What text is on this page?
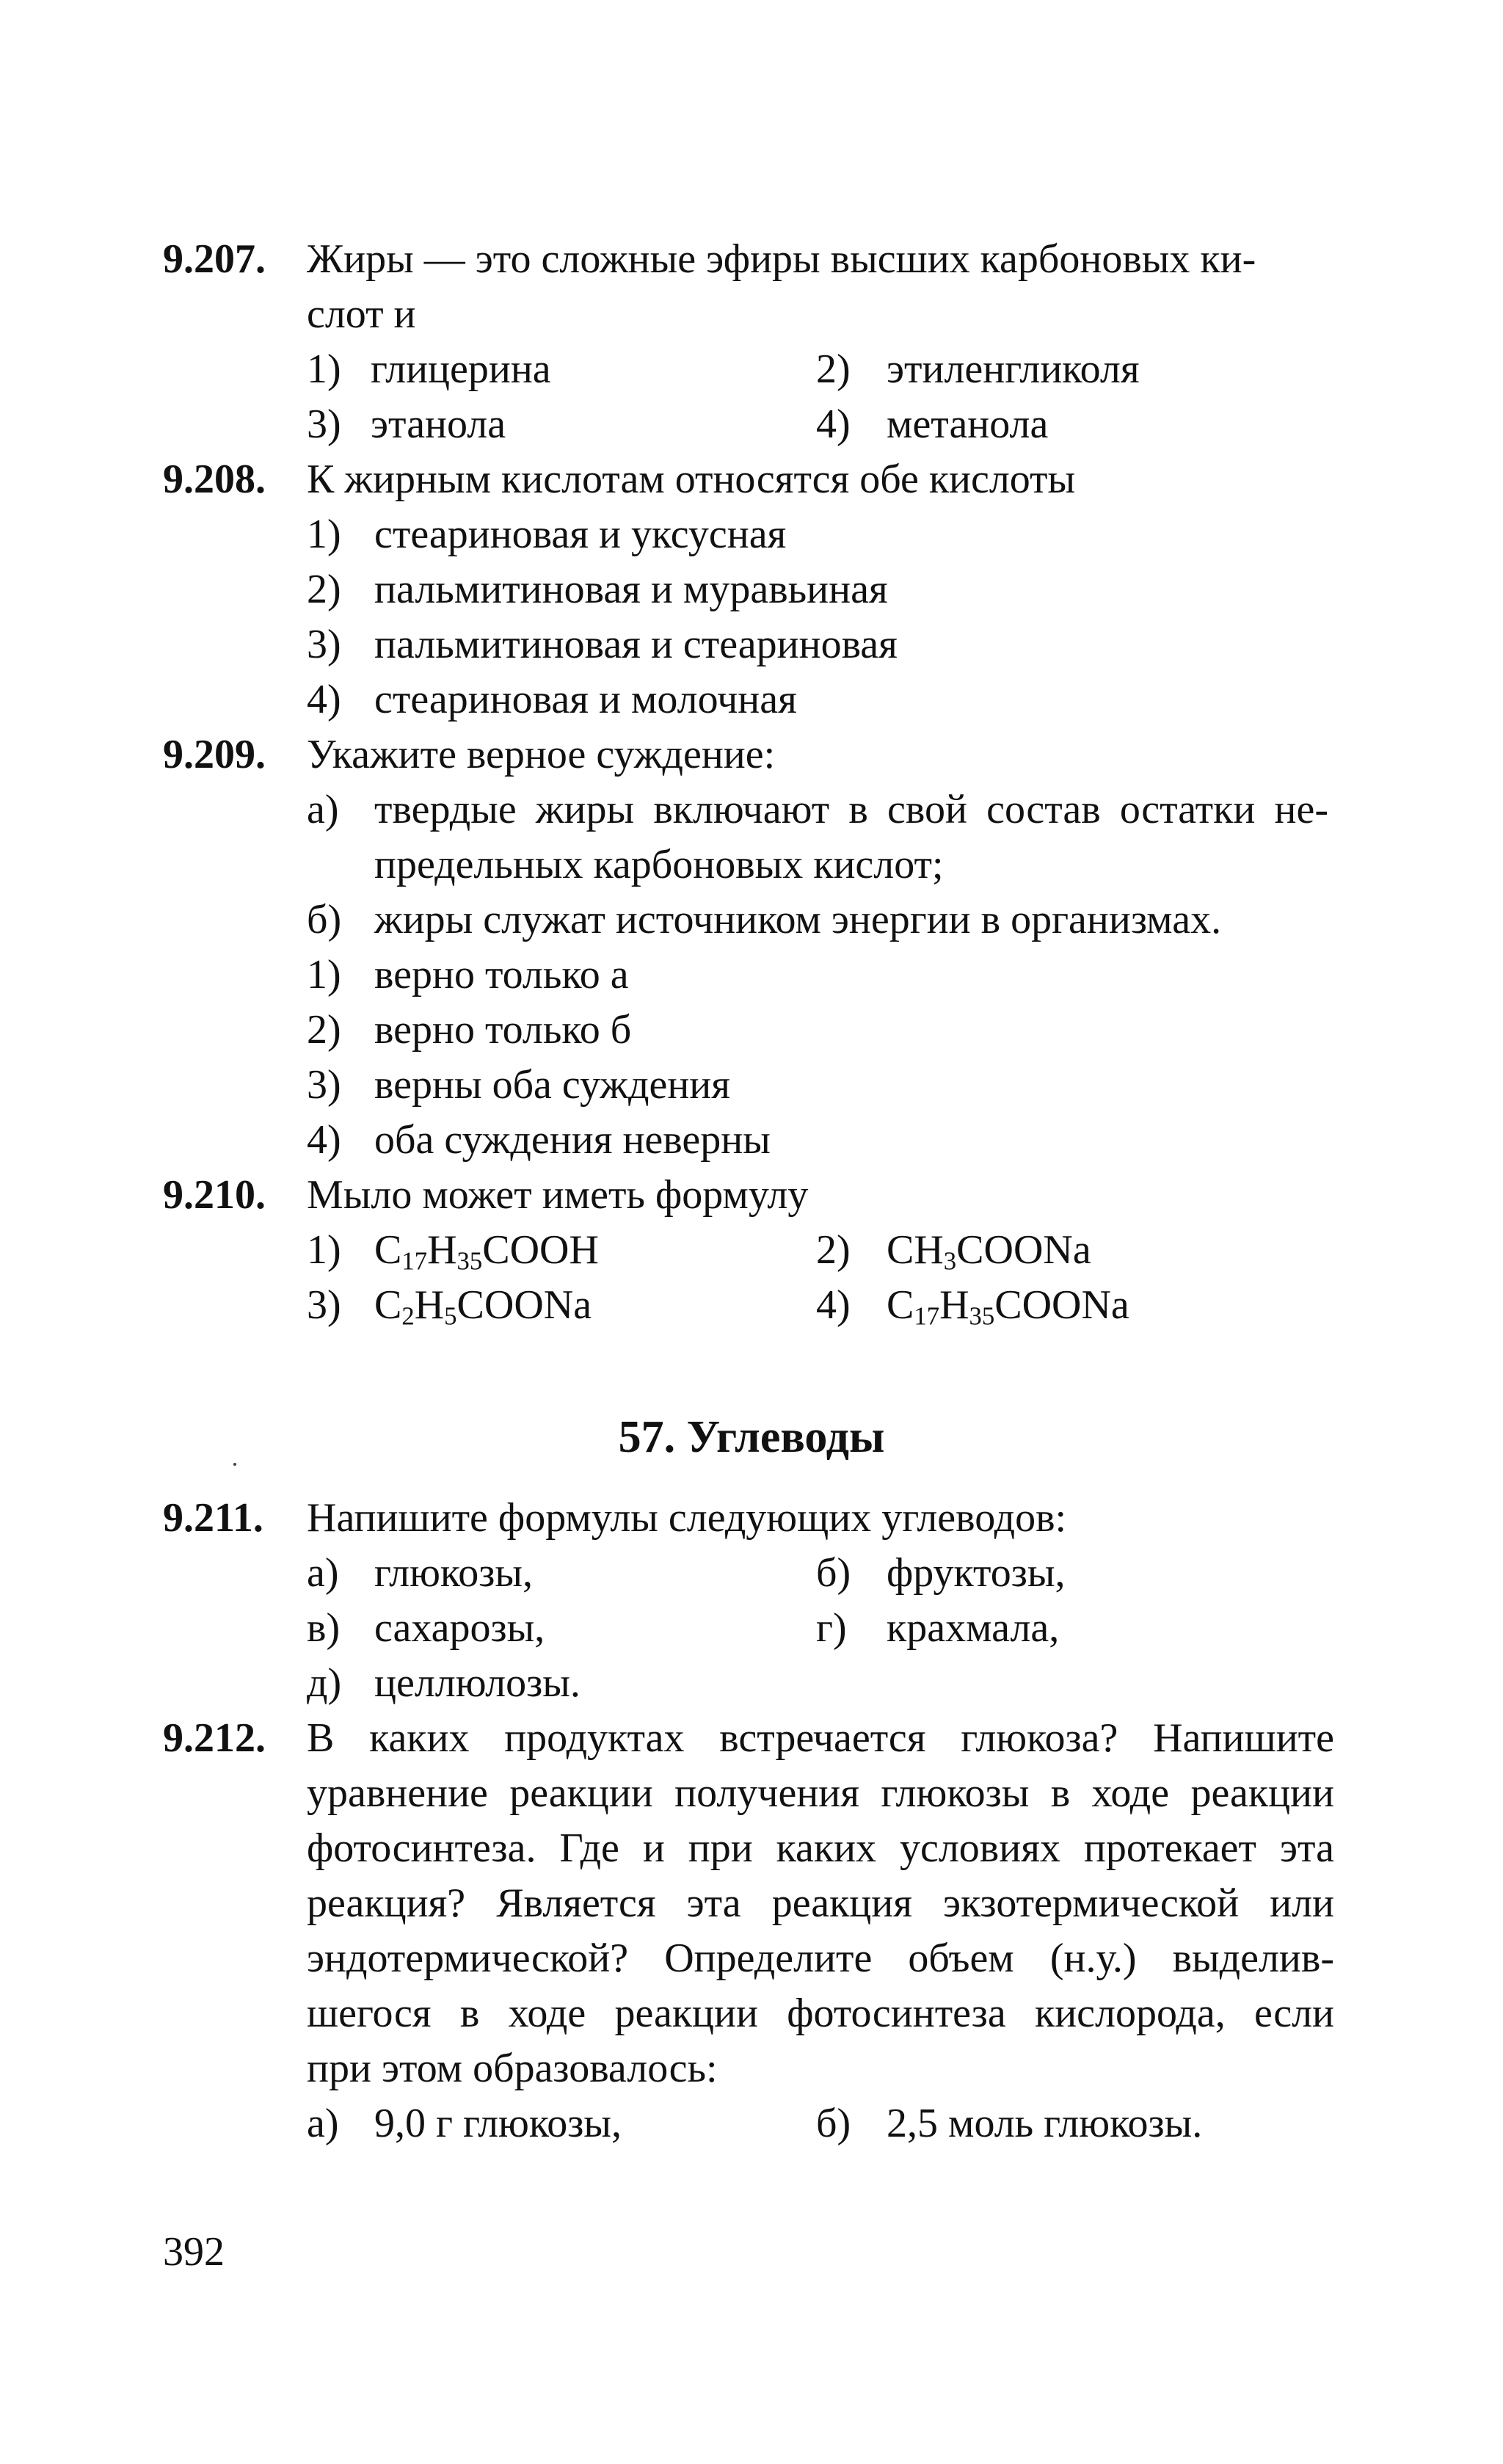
9.207. Жиры — это сложные эфиры высших карбоновых ки-
слот и
1) глицерина	2) этиленгликоля
3) этанола	4) метанола
9.208. К жирным кислотам относятся обе кислоты
1) стеариновая и уксусная
2) пальмитиновая и муравьиная
3) пальмитиновая и стеариновая
4) стеариновая и молочная
9.209. Укажите верное суждение:
а) твердые жиры включают в свой состав остатки не-
предельных карбоновых кислот;
б) жиры служат источником энергии в организмах.
1) верно только а
2) верно только б
3) верны оба суждения
4) оба суждения неверны
9.210. Мыло может иметь формулу
1) $C_{17}H_{35}COOH$	2) $CH_3COONa$
3) $C_2H_5COONa$	4) $C_{17}H_{35}COONa$
57. Углеводы
9.211. Напишите формулы следующих углеводов:
а) глюкозы,	б) фруктозы,
в) сахарозы,	г) крахмала,
д) целлюлозы.
9.212. В каких продуктах встречается глюкоза? Напишите
уравнение реакции получения глюкозы в ходе реакции
фотосинтеза. Где и при каких условиях протекает эта
реакция? Является эта реакция экзотермической или
эндотермической? Определите объем (н.у.) выделив-
шегося в ходе реакции фотосинтеза кислорода, если
при этом образовалось:
а) 9,0 г глюкозы,	б) 2,5 моль глюкозы.
392
